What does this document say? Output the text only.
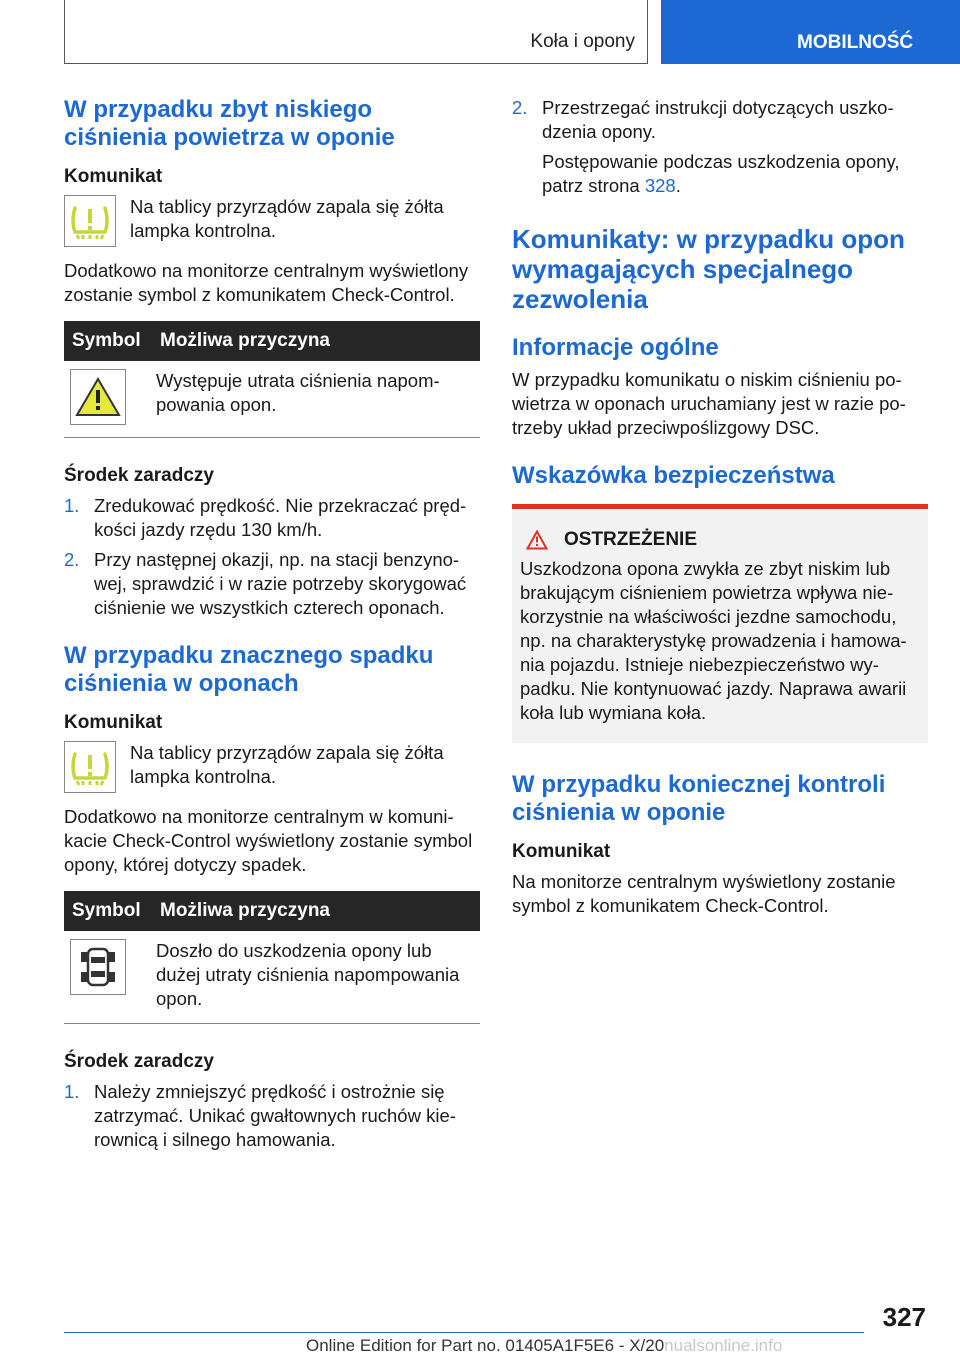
Koła i opony	MOBILNOŚĆ
W przypadku zbyt niskiego ciśnienia powietrza w oponie
Komunikat

Na tablicy przyrządów zapala się żółta lampka kontrolna.

Dodatkowo na monitorze centralnym wyświetlony zostanie symbol z komunikatem Check-Control.

Symbol	Możliwa przyczyna

	Występuje utrata ciśnienia napompowania opon.
Środek zaradczy
1. Zredukować prędkość. Nie przekraczać prędkości jazdy rzędu 130 km/h.
2. Przy następnej okazji, np. na stacji benzynowej, sprawdzić i w razie potrzeby skorygować ciśnienie we wszystkich czterech oponach.
W przypadku znacznego spadku ciśnienia w oponach
Komunikat

Na tablicy przyrządów zapala się żółta lampka kontrolna.

Dodatkowo na monitorze centralnym w komunikacie Check-Control wyświetlony zostanie symbol opony, której dotyczy spadek.

Symbol	Możliwa przyczyna

	Doszło do uszkodzenia opony lub dużej utraty ciśnienia napompowania opon.
Środek zaradczy
1. Należy zmniejszyć prędkość i ostrożnie się zatrzymać. Unikać gwałtownych ruchów kierownicą i silnego hamowania.
2. Przestrzegać instrukcji dotyczących uszkodzenia opony.

Postępowanie podczas uszkodzenia opony, patrz strona 328.

Komunikaty: w przypadku opon wymagających specjalnego zezwolenia
Informacje ogólne

W przypadku komunikatu o niskim ciśnieniu powietrza w oponach uruchamiany jest w razie potrzeby układ przeciwpoślizgowy DSC.

Wskazówka bezpieczeństwa
OSTRZEŻENIE

Uszkodzona opona zwykła ze zbyt niskim lub brakującym ciśnieniem powietrza wpływa niekorzystnie na właściwości jezdne samochodu, np. na charakterystykę prowadzenia i hamowania pojazdu. Istnieje niebezpieczeństwo wypadku. Nie kontynuować jazdy. Naprawa awarii koła lub wymiana koła.

W przypadku koniecznej kontroli ciśnienia w oponie
Komunikat

Na monitorze centralnym wyświetlony zostanie symbol z komunikatem Check-Control.

327
Online Edition for Part no. 01405A1F5E6 - X/20nualsonline.info
